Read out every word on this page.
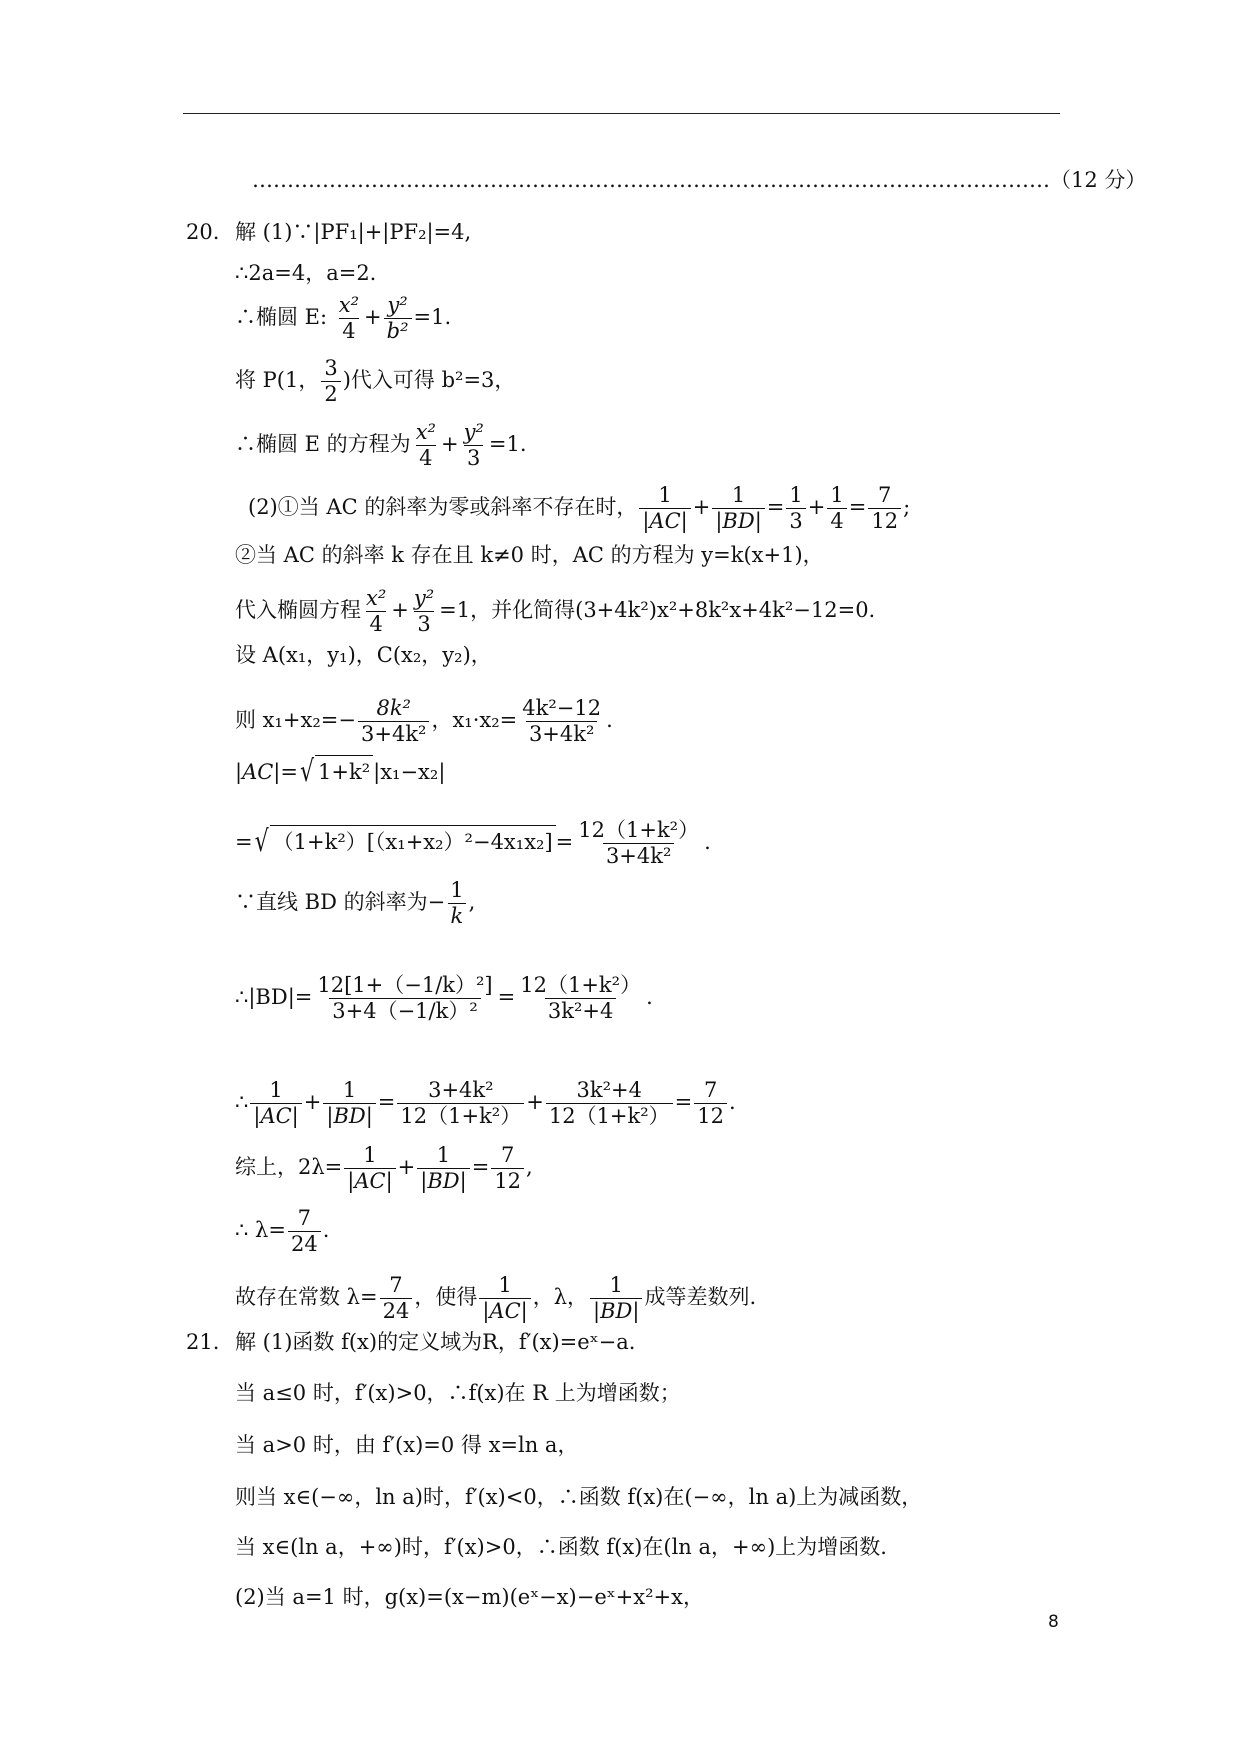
……………………………………………………………………………………………………（12 分）
20. 解 (1)∵|PF₁|+|PF₂|=4,
∴2a=4，a=2.
∴椭圆 E: $\frac{\text{x²}}{4} + \frac{\text{y²}}{\text{b²}} =1$.
将 P(1， $\frac{3}{2}$ )代入可得 b²=3，
∴椭圆 E 的方程为 $\frac{\text{x²}}{4} + \frac{\text{y²}}{3} =1$.
(2)①当 AC 的斜率为零或斜率不存在时， $\frac{1}{|AC|} + \frac{1}{|BD|} = \frac{1}{3} + \frac{1}{4} = \frac{7}{12}$ ;
②当 AC 的斜率 k 存在且 k≠0 时，AC 的方程为 y=k(x+1)，
代入椭圆方程 $\frac{\text{x²}}{4} + \frac{\text{y²}}{3} =1$，并化简得(3+4k²)x²+8k²x+4k²−12=0.
设 A(x₁，y₁)，C(x₂，y₂)，
则 $x_1+x_2=- \frac{\text{8k²}}{\text{3+4k²}}$ ，$x_1\cdot x_2= \frac{\text{4k²−12}}{\text{3+4k²}}$ .
|AC|=√ 1+k² |x₁−x₂|
=√ $(1+k^2)[(x_1+x_2)^2-4x_1x_2] = \frac{\text{12（1+k²）}}{\text{3+4k²}}$ .
∵直线 BD 的斜率为− $\frac{1}{k}$ ,
∴|BD|= $\frac{\text{12[1+（−1/k）²]}}{\text{3+4（−1/k）²}} = \frac{\text{12（1+k²）}}{\text{3k²+4}}$ .
∴ $\frac{1}{|AC|} + \frac{1}{|BD|} = \frac{\text{3+4k²}}{\text{12（1+k²）}} + \frac{\text{3k²+4}}{\text{12（1+k²）}} = \frac{7}{12}$ .
综上，$2\lambda= \frac{1}{|AC|} + \frac{1}{|BD|} = \frac{7}{12}$ ,
∴ $\lambda= \frac{7}{24}$ .
故存在常数 $\lambda= \frac{7}{24}$ ，使得 $\frac{1}{|AC|}$ ，λ， $\frac{1}{|BD|}$ 成等差数列.
21. 解 (1)函数 f(x)的定义域为R，f′(x)=eˣ−a.
当 a≤0 时，f′(x)>0，∴f(x)在 R 上为增函数；
当 a>0 时，由 f′(x)=0 得 x=ln a，
则当 x∈(−∞，ln a)时，f′(x)<0，∴函数 f(x)在(−∞，ln a)上为减函数，
当 x∈(ln a，+∞)时，f′(x)>0，∴函数 f(x)在(ln a，+∞)上为增函数.
(2)当 a=1 时，g(x)=(x−m)(eˣ−x)−eˣ+x²+x，
8
